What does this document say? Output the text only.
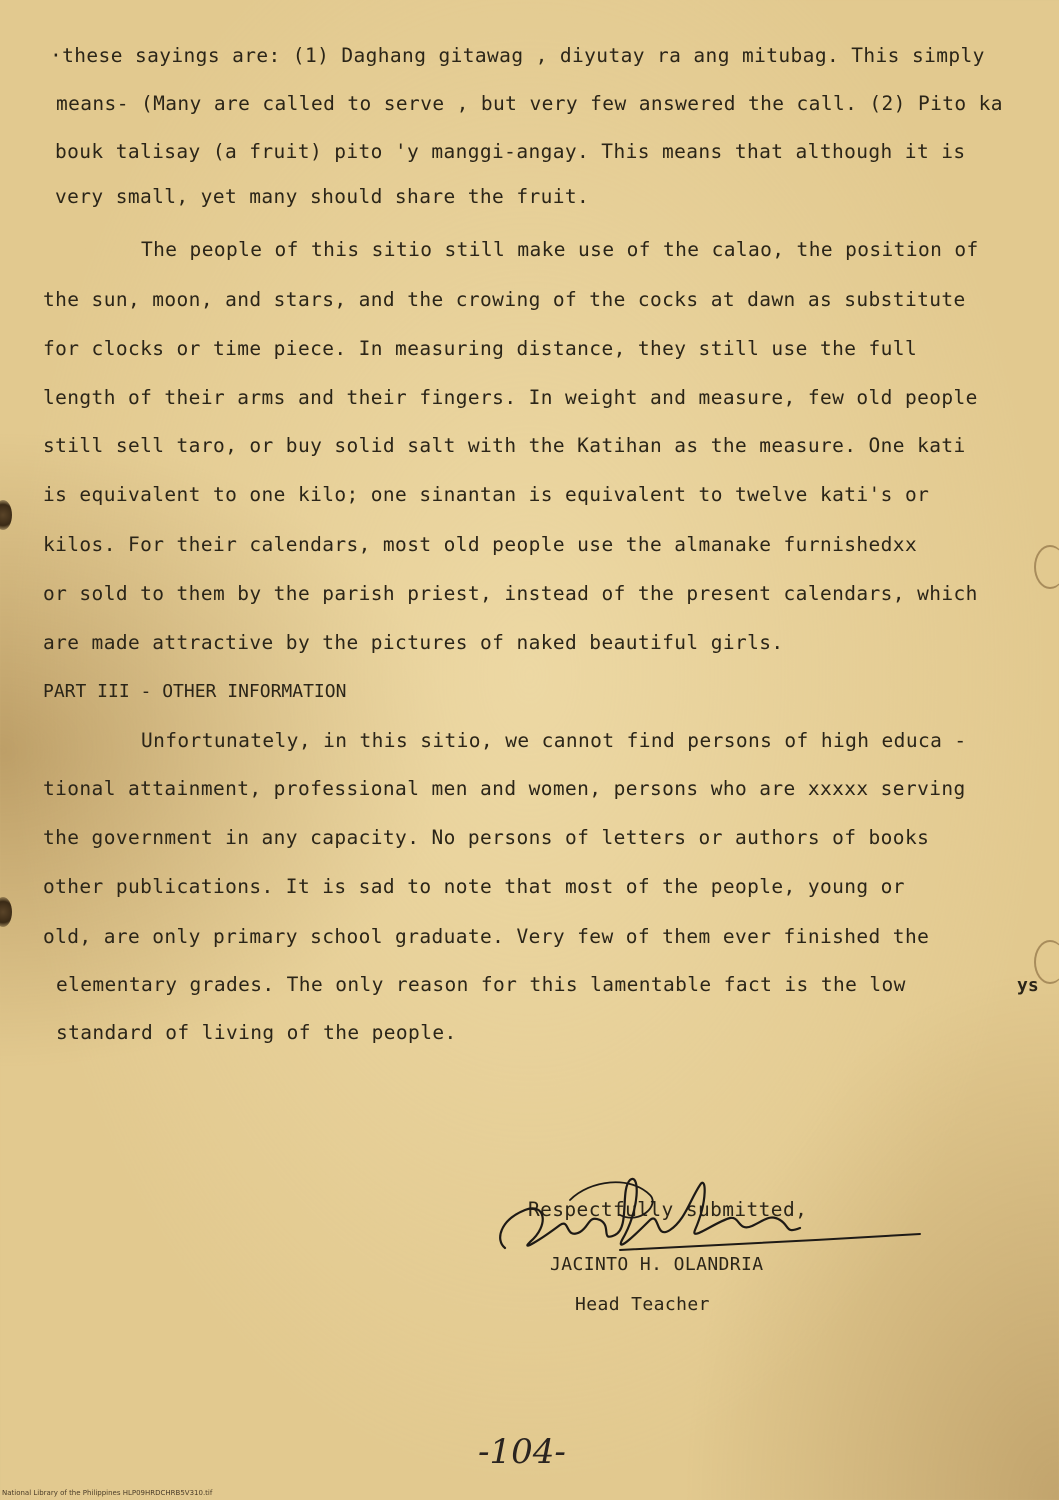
·these sayings are: (1) Daghang gitawag , diyutay ra ang mitubag. This simply

means- (Many are called to serve , but very few answered the call. (2) Pito ka

bouk talisay (a fruit) pito 'y manggi-angay. This means that although it is

very small, yet many should share the fruit.

The people of this sitio still make use of the calao, the position of

the sun, moon, and stars, and the crowing of the cocks at dawn as substitute

for clocks or time piece. In measuring distance, they still use the full

length of their arms and their fingers. In weight and measure, few old people

still sell taro, or buy solid salt with the Katihan as the measure. One kati

is equivalent to one kilo; one sinantan is equivalent to twelve kati's or

kilos. For their calendars, most old people use the almanake furnishedxx

or sold to them by the parish priest, instead of the present calendars, which

are made attractive by the pictures of naked beautiful girls.

PART III - OTHER INFORMATION

Unfortunately, in this sitio, we cannot find persons of high educa -

tional attainment, professional men and women, persons who are xxxxx serving

the government in any capacity. No persons of letters or authors of books

other publications. It is sad to note that most of the people, young or

old, are only primary school graduate. Very few of them ever finished the

elementary grades. The only reason for this lamentable fact is the low

standard of living of the people.

ys

Respectfully submitted,

JACINTO H. OLANDRIA

Head Teacher

-104-
National Library of the Philippines HLP09HRDCHRB5V310.tif
